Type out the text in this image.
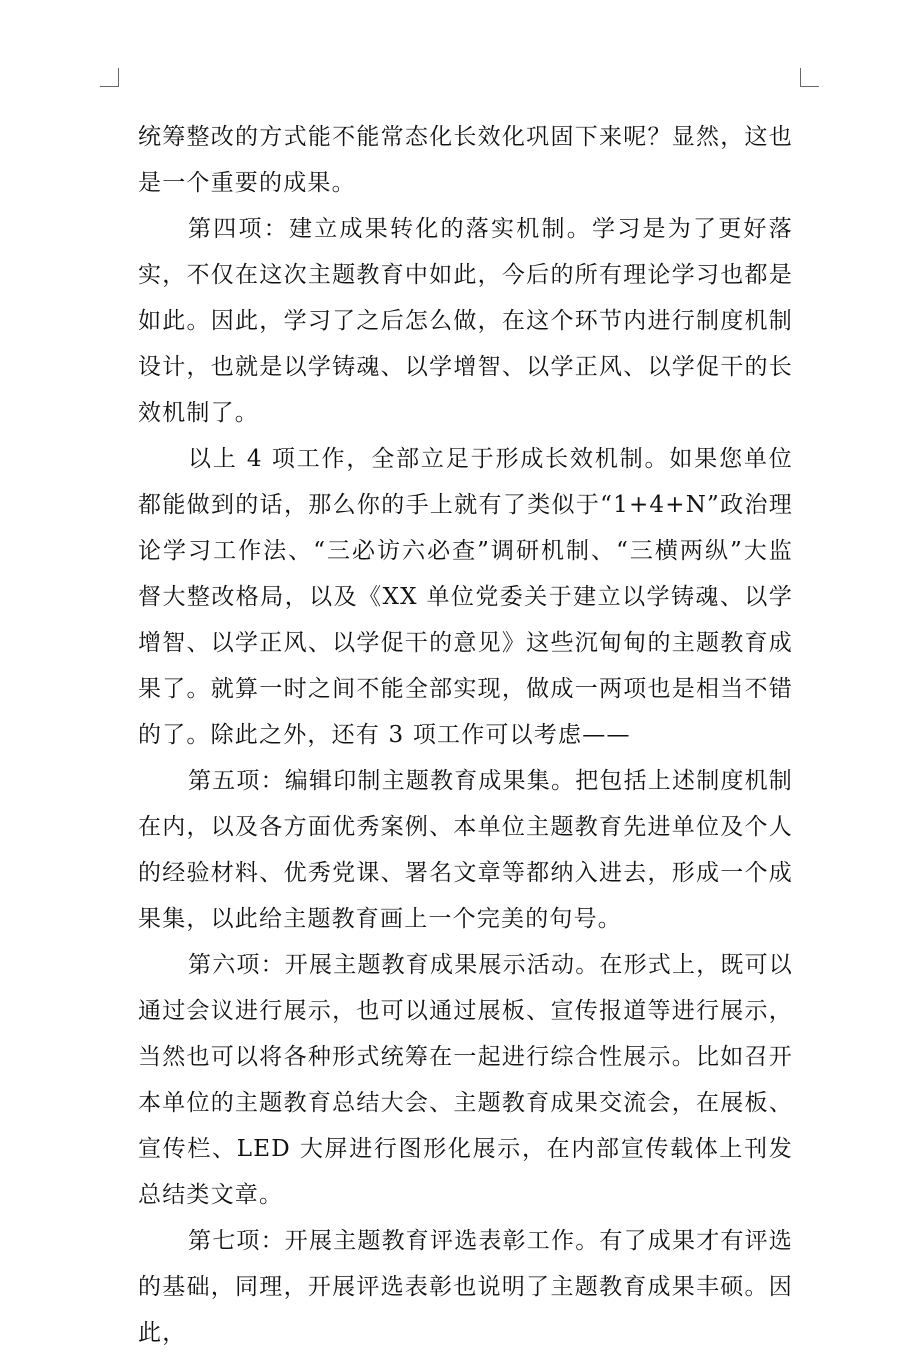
统筹整改的方式能不能常态化长效化巩固下来呢？显然，这也是一个重要的成果。

第四项：建立成果转化的落实机制。学习是为了更好落实，不仅在这次主题教育中如此，今后的所有理论学习也都是如此。因此，学习了之后怎么做，在这个环节内进行制度机制设计，也就是以学铸魂、以学增智、以学正风、以学促干的长效机制了。

以上 4 项工作，全部立足于形成长效机制。如果您单位都能做到的话，那么你的手上就有了类似于“1+4+N”政治理论学习工作法、“三必访六必查”调研机制、“三横两纵”大监督大整改格局，以及《XX 单位党委关于建立以学铸魂、以学增智、以学正风、以学促干的意见》这些沉甸甸的主题教育成果了。就算一时之间不能全部实现，做成一两项也是相当不错的了。除此之外，还有 3 项工作可以考虑——

第五项：编辑印制主题教育成果集。把包括上述制度机制在内，以及各方面优秀案例、本单位主题教育先进单位及个人的经验材料、优秀党课、署名文章等都纳入进去，形成一个成果集，以此给主题教育画上一个完美的句号。

第六项：开展主题教育成果展示活动。在形式上，既可以通过会议进行展示，也可以通过展板、宣传报道等进行展示，当然也可以将各种形式统筹在一起进行综合性展示。比如召开本单位的主题教育总结大会、主题教育成果交流会，在展板、宣传栏、LED 大屏进行图形化展示，在内部宣传载体上刊发总结类文章。

第七项：开展主题教育评选表彰工作。有了成果才有评选的基础，同理，开展评选表彰也说明了主题教育成果丰硕。因此，
